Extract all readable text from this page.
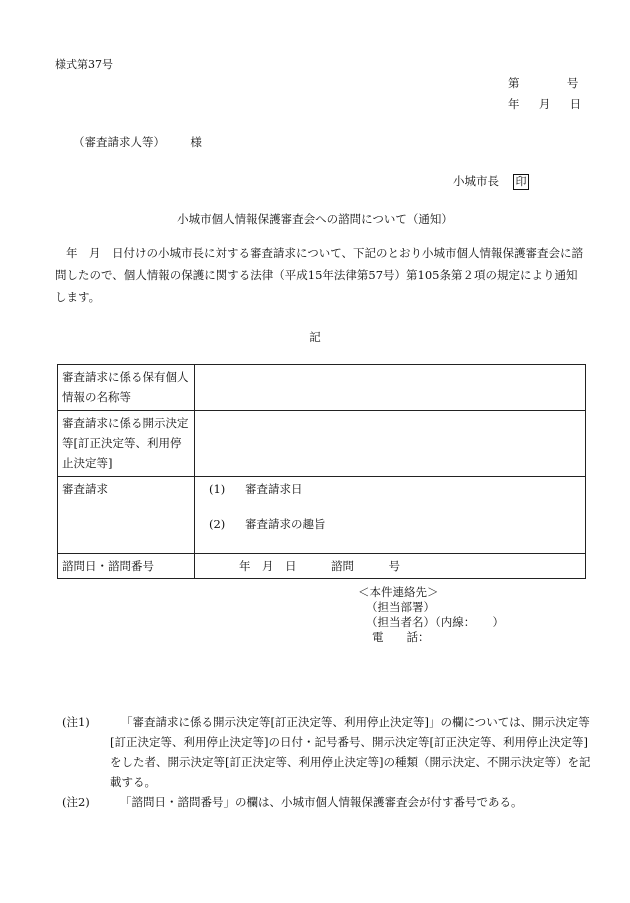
様式第37号
第	号
年 月 日
（審査請求人等） 様
小城市長 印
小城市個人情報保護審査会への諮問について（通知）
年　月　日付けの小城市長に対する審査請求について、下記のとおり小城市個人情報保護審査会に諮問したので、個人情報の保護に関する法律（平成15年法律第57号）第105条第２項の規定により通知します。
記
審査請求に係る保有個人情報の名称等	
審査請求に係る開示決定等[訂正決定等、利用停止決定等]	
審査請求	(1) 審査請求日
(2) 審査請求の趣旨

諮問日・諮問番号	年　月　日　　　諮問　　　号
＜本件連絡先＞
（担当部署）
（担当者名）（内線：　　）
電　　話：
(注1)	「審査請求に係る開示決定等[訂正決定等、利用停止決定等]」の欄については、開示決定等[訂正決定等、利用停止決定等]の日付・記号番号、開示決定等[訂正決定等、利用停止決定等]をした者、開示決定等[訂正決定等、利用停止決定等]の種類（開示決定、不開示決定等）を記載する。
(注2)	「諮問日・諮問番号」の欄は、小城市個人情報保護審査会が付す番号である。
